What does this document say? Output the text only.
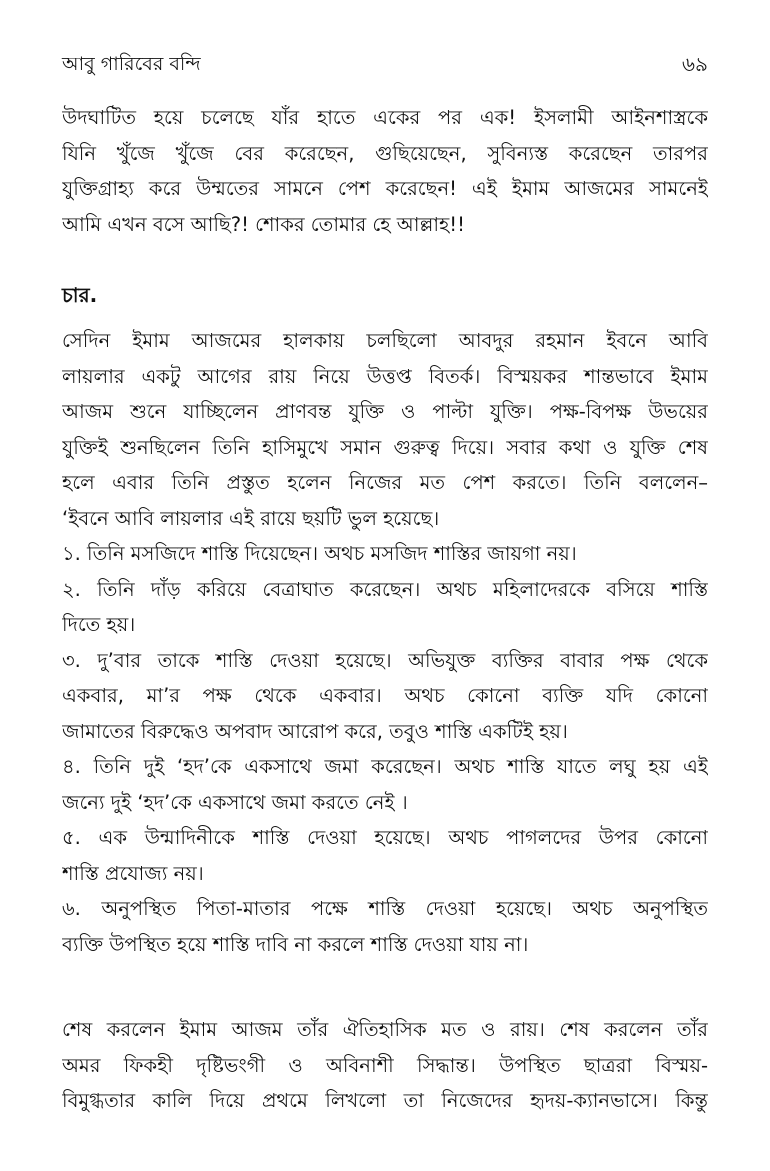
আবু গারিবের বন্দি	৬৯
উদঘাটিত হয়ে চলেছে যাঁর হাতে একের পর এক! ইসলামী আইনশাস্ত্রকে
যিনি খুঁজে খুঁজে বের করেছেন, গুছিয়েছেন, সুবিন্যস্ত করেছেন তারপর
যুক্তিগ্রাহ্য করে উম্মতের সামনে পেশ করেছেন! এই ইমাম আজমের সামনেই
আমি এখন বসে আছি?! শোকর তোমার হে আল্লাহ!!
চার.
সেদিন ইমাম আজমের হালকায় চলছিলো আবদুর রহমান ইবনে আবি
লায়লার একটু আগের রায় নিয়ে উত্তপ্ত বিতর্ক। বিস্ময়কর শান্তভাবে ইমাম
আজম শুনে যাচ্ছিলেন প্রাণবন্ত যুক্তি ও পাল্টা যুক্তি। পক্ষ-বিপক্ষ উভয়ের
যুক্তিই শুনছিলেন তিনি হাসিমুখে সমান গুরুত্ব দিয়ে। সবার কথা ও যুক্তি শেষ
হলে এবার তিনি প্রস্তুত হলেন নিজের মত পেশ করতে। তিনি বললেন–
‘ইবনে আবি লায়লার এই রায়ে ছয়টি ভুল হয়েছে।
১. তিনি মসজিদে শাস্তি দিয়েছেন। অথচ মসজিদ শাস্তির জায়গা নয়।
২. তিনি দাঁড় করিয়ে বেত্রাঘাত করেছেন। অথচ মহিলাদেরকে বসিয়ে শাস্তি
দিতে হয়।
৩. দু’বার তাকে শাস্তি দেওয়া হয়েছে। অভিযুক্ত ব্যক্তির বাবার পক্ষ থেকে
একবার, মা’র পক্ষ থেকে একবার। অথচ কোনো ব্যক্তি যদি কোনো
জামাতের বিরুদ্ধেও অপবাদ আরোপ করে, তবুও শাস্তি একটিই হয়।
৪. তিনি দুই ‘হদ’কে একসাথে জমা করেছেন। অথচ শাস্তি যাতে লঘু হয় এই
জন্যে দুই ‘হদ’কে একসাথে জমা করতে নেই ।
৫. এক উন্মাদিনীকে শাস্তি দেওয়া হয়েছে। অথচ পাগলদের উপর কোনো
শাস্তি প্রযোজ্য নয়।
৬. অনুপস্থিত পিতা-মাতার পক্ষে শাস্তি দেওয়া হয়েছে। অথচ অনুপস্থিত
ব্যক্তি উপস্থিত হয়ে শাস্তি দাবি না করলে শাস্তি দেওয়া যায় না।
শেষ করলেন ইমাম আজম তাঁর ঐতিহাসিক মত ও রায়। শেষ করলেন তাঁর
অমর ফিকহী দৃষ্টিভংগী ও অবিনাশী সিদ্ধান্ত। উপস্থিত ছাত্ররা বিস্ময়-
বিমুগ্ধতার কালি দিয়ে প্রথমে লিখলো তা নিজেদের হৃদয়-ক্যানভাসে। কিন্তু
